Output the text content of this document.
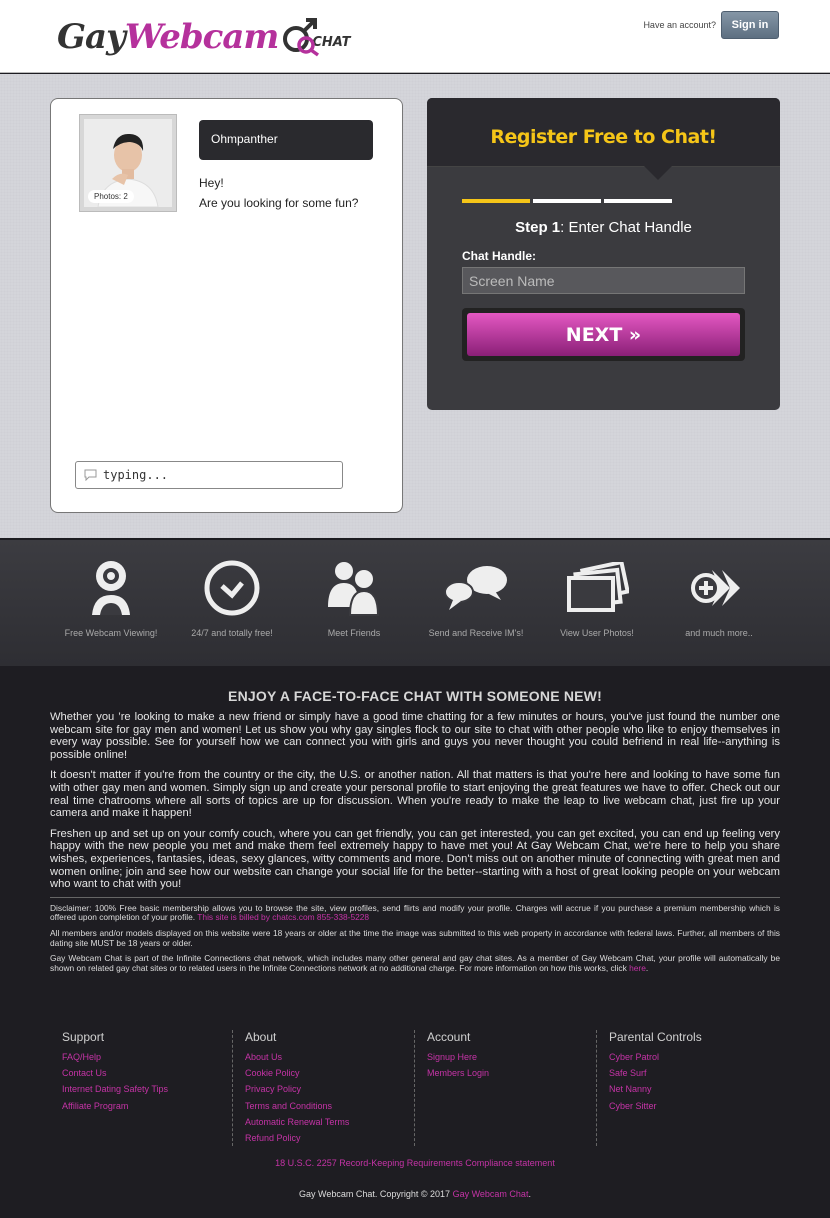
Gay Webcam	CHAT
Have an account?	Sign in
Photos: 2
Ohmpanther
Hey!
Are you looking for some fun?
typing...
Register Free to Chat!
Step 1: Enter Chat Handle
Chat Handle:
Screen Name
NEXT »
Free Webcam Viewing!	24/7 and totally free!	Meet Friends	Send and Receive IM's!	View User Photos!	and much more..
ENJOY A FACE-TO-FACE CHAT WITH SOMEONE NEW!

Whether you ’re looking to make a new friend or simply have a good time chatting for a few minutes or hours, you've just found the number one webcam site for gay men and women! Let us show you why gay singles flock to our site to chat with other people who like to enjoy themselves in every way possible. See for yourself how we can connect you with girls and guys you never thought you could befriend in real life--anything is possible online!

It doesn't matter if you're from the country or the city, the U.S. or another nation. All that matters is that you're here and looking to have some fun with other gay men and women. Simply sign up and create your personal profile to start enjoying the great features we have to offer. Check out our real time chatrooms where all sorts of topics are up for discussion. When you're ready to make the leap to live webcam chat, just fire up your camera and make it happen!

Freshen up and set up on your comfy couch, where you can get friendly, you can get interested, you can get excited, you can end up feeling very happy with the new people you met and make them feel extremely happy to have met you! At Gay Webcam Chat, we're here to help you share wishes, experiences, fantasies, ideas, sexy glances, witty comments and more. Don't miss out on another minute of connecting with great men and women online; join and see how our website can change your social life for the better--starting with a host of great looking people on your webcam who want to chat with you!

Disclaimer: 100% Free basic membership allows you to browse the site, view profiles, send flirts and modify your profile. Charges will accrue if you purchase a premium membership which is offered upon completion of your profile. This site is billed by chatcs.com 855-338-5228

All members and/or models displayed on this website were 18 years or older at the time the image was submitted to this web property in accordance with federal laws. Further, all members of this dating site MUST be 18 years or older.

Gay Webcam Chat is part of the Infinite Connections chat network, which includes many other general and gay chat sites. As a member of Gay Webcam Chat, your profile will automatically be shown on related gay chat sites or to related users in the Infinite Connections network at no additional charge. For more information on how this works, click here.

Support
FAQ/Help
Contact Us
Internet Dating Safety Tips
Affiliate Program
About
About Us
Cookie Policy
Privacy Policy
Terms and Conditions
Automatic Renewal Terms
Refund Policy
Account
Signup Here
Members Login
Parental Controls
Cyber Patrol
Safe Surf
Net Nanny
Cyber Sitter
18 U.S.C. 2257 Record-Keeping Requirements Compliance statement
Gay Webcam Chat. Copyright © 2017 Gay Webcam Chat.
